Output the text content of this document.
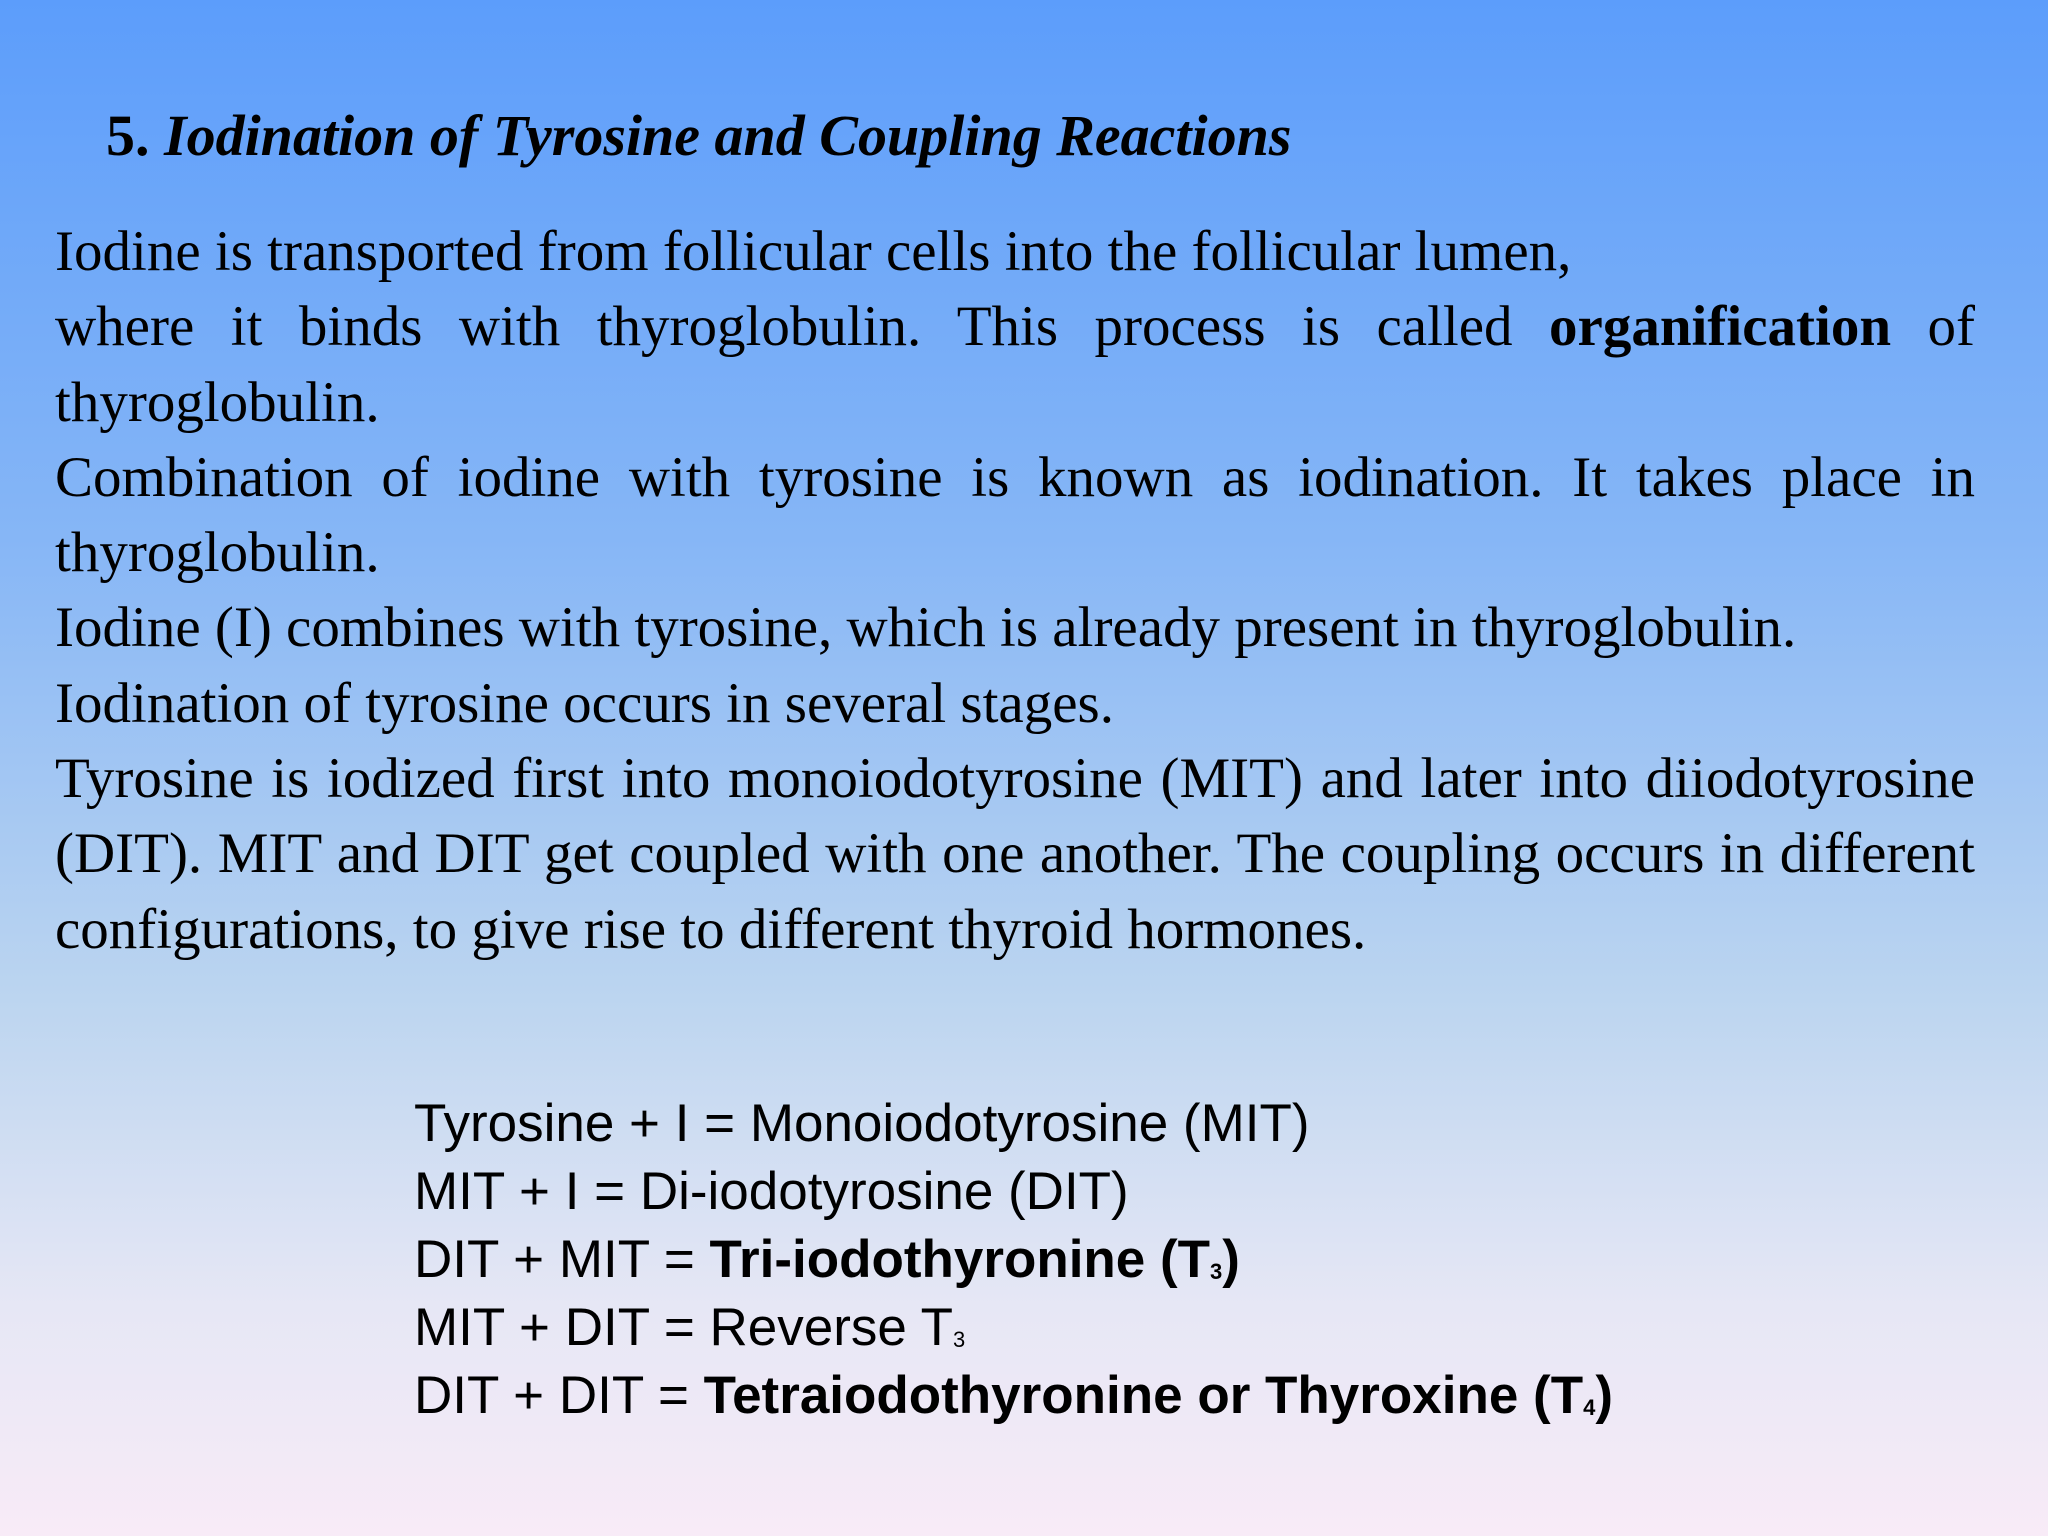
5. Iodination of Tyrosine and Coupling Reactions

Iodine is transported from follicular cells into the follicular lumen,
where it binds with thyroglobulin. This process is called organification of thyroglobulin.

Combination of iodine with tyrosine is known as iodination. It takes place in thyroglobulin.

Iodine (I) combines with tyrosine, which is already present in thyroglobulin.

Iodination of tyrosine occurs in several stages.

Tyrosine is iodized first into monoiodotyrosine (MIT) and later into diiodotyrosine (DIT). MIT and DIT get coupled with one another. The coupling occurs in different configurations, to give rise to different thyroid hormones.

Tyrosine + I = Monoiodotyrosine (MIT)
MIT + I = Di-iodotyrosine (DIT)
DIT + MIT = Tri-iodothyronine $(T_3)$
MIT + DIT = Reverse $T_3$
DIT + DIT = Tetraiodothyronine or Thyroxine $(T_4)$
